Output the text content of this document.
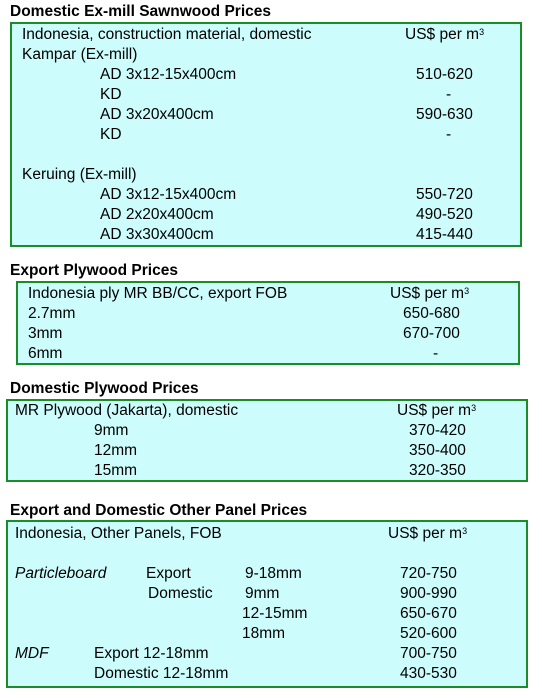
Domestic Ex-mill Sawnwood Prices
Indonesia, construction material, domestic	US$ per $m^3$
Kampar (Ex-mill)
AD 3x12-15x400cm	510-620
KD	-
AD 3x20x400cm	590-630
KD	-
Keruing (Ex-mill)
AD 3x12-15x400cm	550-720
AD 2x20x400cm	490-520
AD 3x30x400cm	415-440
Export Plywood Prices
Indonesia ply MR BB/CC, export FOB	US$ per $m^3$
2.7mm	650-680
3mm	670-700
6mm	-
Domestic Plywood Prices
MR Plywood (Jakarta), domestic	US$ per $m^3$
9mm	370-420
12mm	350-400
15mm	320-350
Export and Domestic Other Panel Prices
Indonesia, Other Panels, FOB	US$ per $m^3$
Particleboard	Export	9-18mm	720-750
Domestic 9mm	900-990
12-15mm	650-670
18mm	520-600
MDF	Export 12-18mm	700-750
Domestic 12-18mm	430-530
